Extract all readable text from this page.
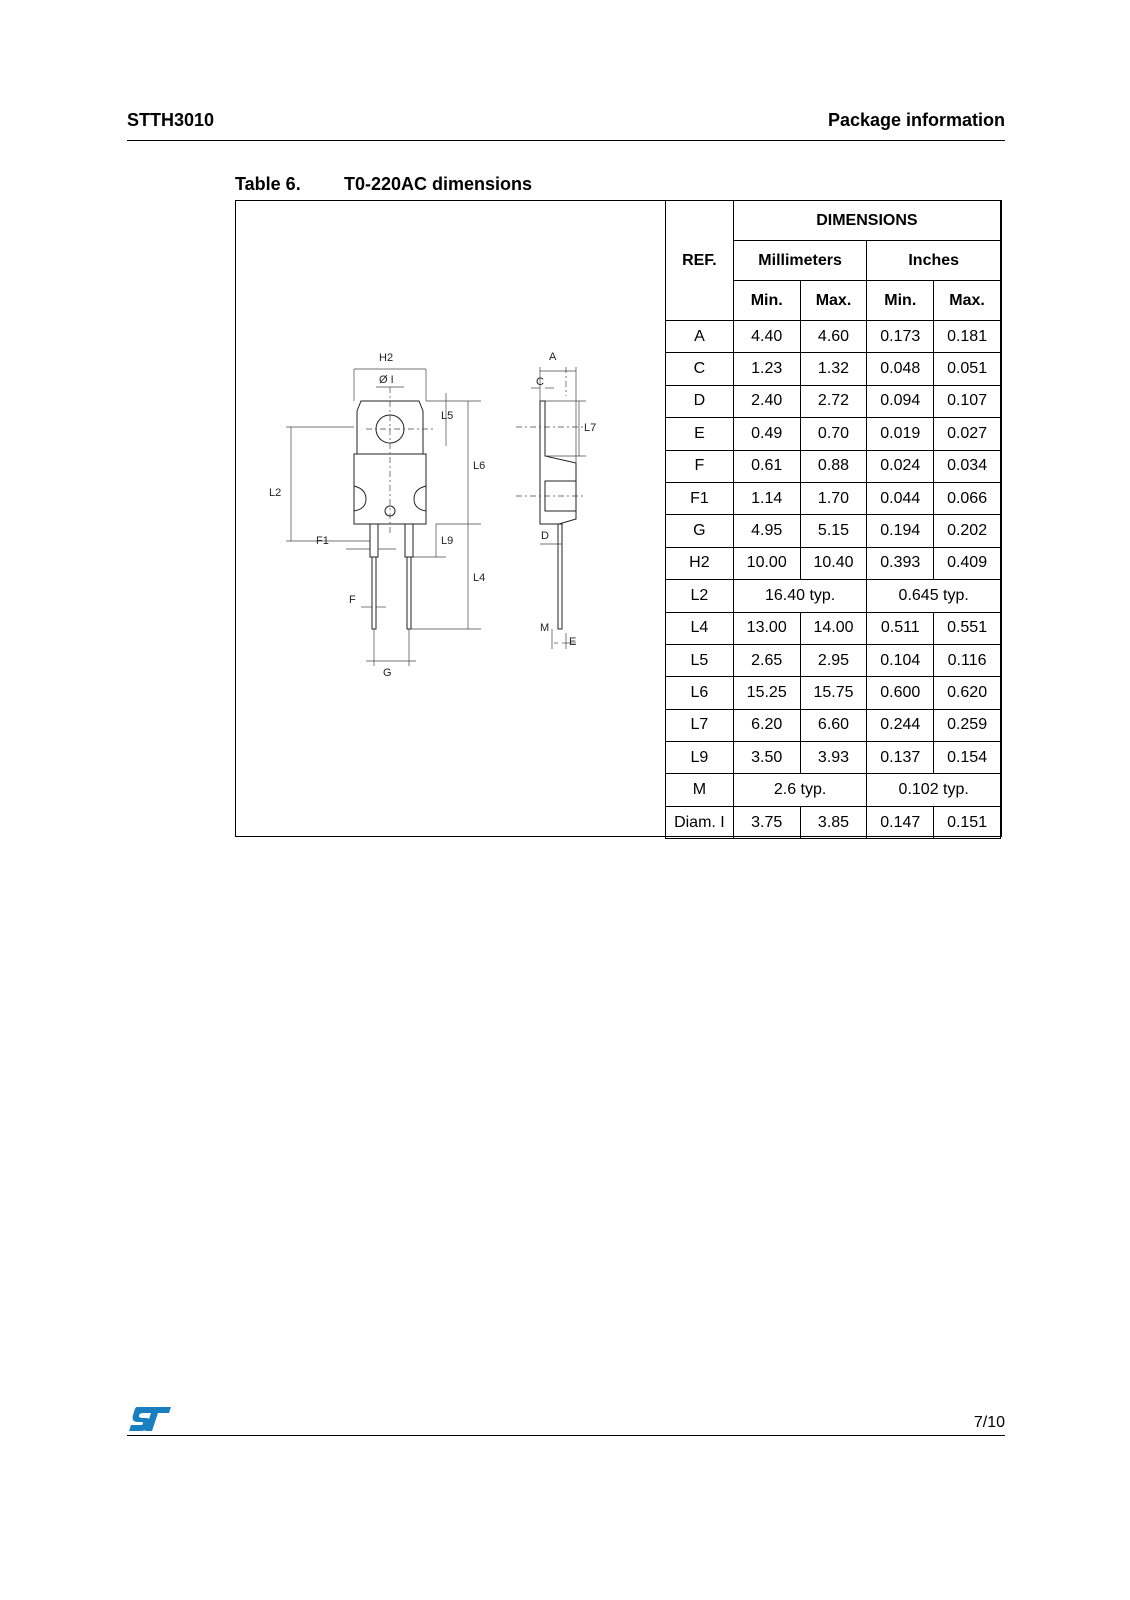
STTH3010	Package information
Table 6. T0-220AC dimensions
H2
Ø I
L5
L6
L2
F1	L9
L4
F
G
A
C
L7
D
M
E
REF.	DIMENSIONS			
	Millimeters		Inches	
	Min.	Max.	Min.	Max.
A	4.40	4.60	0.173	0.181
C	1.23	1.32	0.048	0.051
D	2.40	2.72	0.094	0.107
E	0.49	0.70	0.019	0.027
F	0.61	0.88	0.024	0.034
F1	1.14	1.70	0.044	0.066
G	4.95	5.15	0.194	0.202
H2	10.00	10.40	0.393	0.409
L2	16.40 typ.		0.645 typ.	
L4	13.00	14.00	0.511	0.551
L5	2.65	2.95	0.104	0.116
L6	15.25	15.75	0.600	0.620
L7	6.20	6.60	0.244	0.259
L9	3.50	3.93	0.137	0.154
M	2.6 typ.		0.102 typ.	
Diam. I	3.75	3.85	0.147	0.151
7/10
